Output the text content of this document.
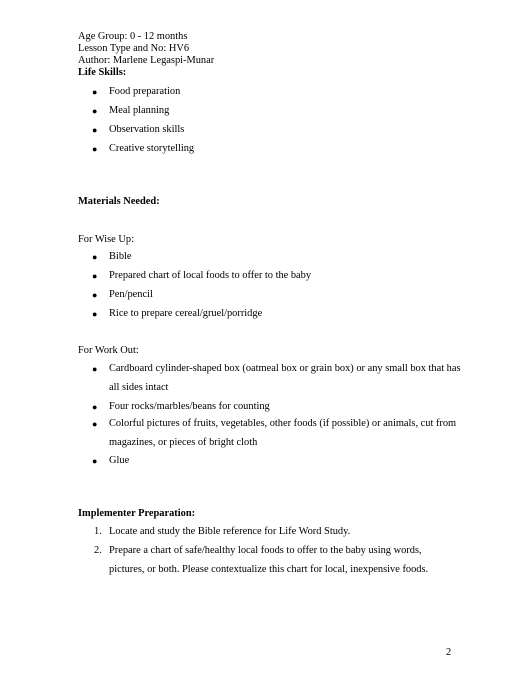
Age Group: 0 - 12 months
Lesson Type and No: HV6
Author: Marlene Legaspi-Munar
Life Skills:
● Food preparation
● Meal planning
● Observation skills
● Creative storytelling
Materials Needed:
For Wise Up:
● Bible
● Prepared chart of local foods to offer to the baby
● Pen/pencil
● Rice to prepare cereal/gruel/porridge
For Work Out:
● Cardboard cylinder-shaped box (oatmeal box or grain box) or any small box that has all sides intact
● Four rocks/marbles/beans for counting
● Colorful pictures of fruits, vegetables, other foods (if possible) or animals, cut from magazines, or pieces of bright cloth
● Glue
Implementer Preparation:
1. Locate and study the Bible reference for Life Word Study.
2. Prepare a chart of safe/healthy local foods to offer to the baby using words, pictures, or both. Please contextualize this chart for local, inexpensive foods.
2
